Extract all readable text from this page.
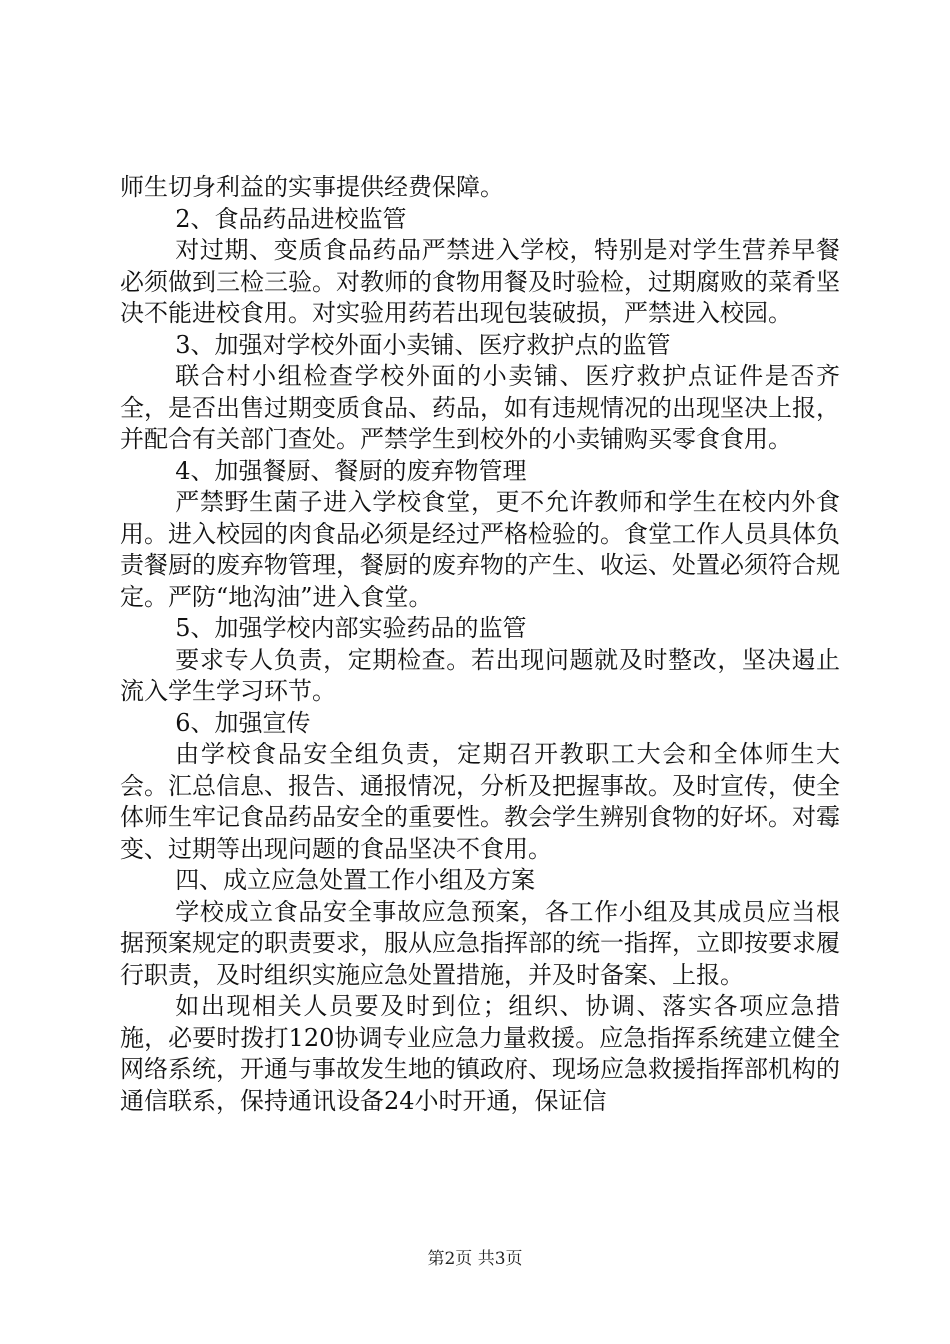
师生切身利益的实事提供经费保障。

2、食品药品进校监管

对过期、变质食品药品严禁进入学校，特别是对学生营养早餐必须做到三检三验。对教师的食物用餐及时验检，过期腐败的菜肴坚决不能进校食用。对实验用药若出现包装破损，严禁进入校园。

3、加强对学校外面小卖铺、医疗救护点的监管

联合村小组检查学校外面的小卖铺、医疗救护点证件是否齐全，是否出售过期变质食品、药品，如有违规情况的出现坚决上报，并配合有关部门查处。严禁学生到校外的小卖铺购买零食食用。

4、加强餐厨、餐厨的废弃物管理

严禁野生菌子进入学校食堂，更不允许教师和学生在校内外食用。进入校园的肉食品必须是经过严格检验的。食堂工作人员具体负责餐厨的废弃物管理，餐厨的废弃物的产生、收运、处置必须符合规定。严防“地沟油”进入食堂。

5、加强学校内部实验药品的监管

要求专人负责，定期检查。若出现问题就及时整改，坚决遏止流入学生学习环节。

6、加强宣传

由学校食品安全组负责，定期召开教职工大会和全体师生大会。汇总信息、报告、通报情况，分析及把握事故。及时宣传，使全体师生牢记食品药品安全的重要性。教会学生辨别食物的好坏。对霉变、过期等出现问题的食品坚决不食用。

四、成立应急处置工作小组及方案

学校成立食品安全事故应急预案，各工作小组及其成员应当根据预案规定的职责要求，服从应急指挥部的统一指挥，立即按要求履行职责，及时组织实施应急处置措施，并及时备案、上报。

如出现相关人员要及时到位；组织、协调、落实各项应急措施，必要时拨打120协调专业应急力量救援。应急指挥系统建立健全网络系统，开通与事故发生地的镇政府、现场应急救援指挥部机构的通信联系，保持通讯设备24小时开通，保证信

第2页 共3页
